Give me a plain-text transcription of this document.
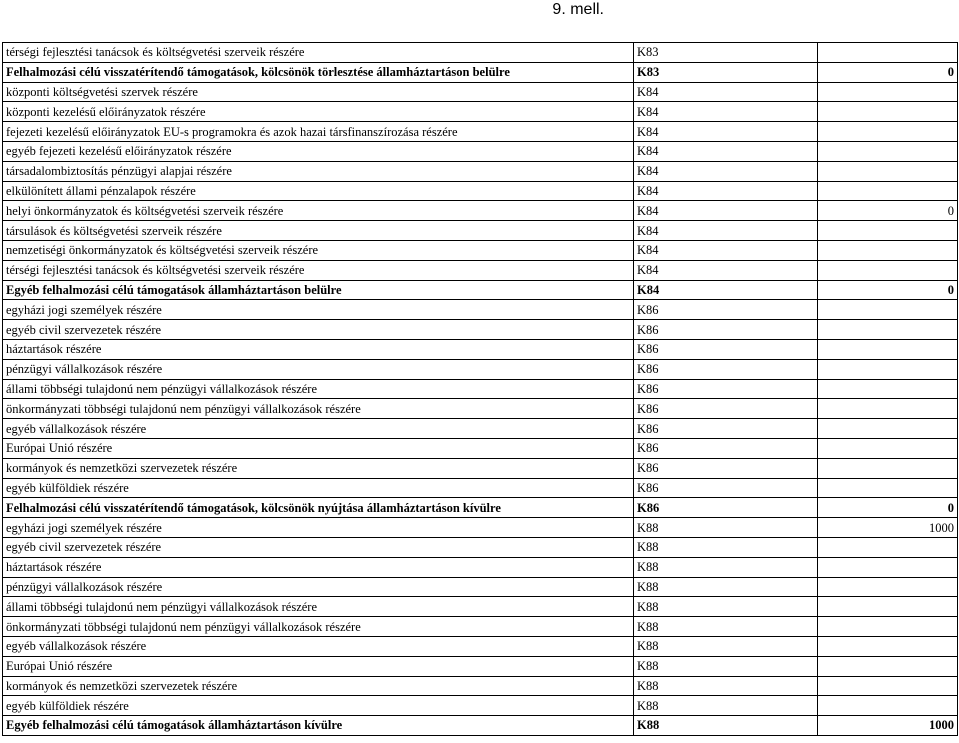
9. mell.
térségi fejlesztési tanácsok és költségvetési szerveik részére	K83	
Felhalmozási célú visszatérítendő támogatások, kölcsönök törlesztése államháztartáson belülre	K83	0
központi költségvetési szervek részére	K84	
központi kezelésű előirányzatok részére	K84	
fejezeti kezelésű előirányzatok EU-s programokra és azok hazai társfinanszírozása részére	K84	
egyéb fejezeti kezelésű előirányzatok részére	K84	
társadalombiztosítás pénzügyi alapjai részére	K84	
elkülönített állami pénzalapok részére	K84	
helyi önkormányzatok és költségvetési szerveik részére	K84	0
társulások és költségvetési szerveik részére	K84	
nemzetiségi önkormányzatok és költségvetési szerveik részére	K84	
térségi fejlesztési tanácsok és költségvetési szerveik részére	K84	
Egyéb felhalmozási célú támogatások államháztartáson belülre	K84	0
egyházi jogi személyek részére	K86	
egyéb civil szervezetek részére	K86	
háztartások részére	K86	
pénzügyi vállalkozások részére	K86	
állami többségi tulajdonú nem pénzügyi vállalkozások részére	K86	
önkormányzati többségi tulajdonú nem pénzügyi vállalkozások részére	K86	
egyéb vállalkozások részére	K86	
Európai Unió részére	K86	
kormányok és nemzetközi szervezetek részére	K86	
egyéb külföldiek részére	K86	
Felhalmozási célú visszatérítendő támogatások, kölcsönök nyújtása államháztartáson kívülre	K86	0
egyházi jogi személyek részére	K88	1000
egyéb civil szervezetek részére	K88	
háztartások részére	K88	
pénzügyi vállalkozások részére	K88	
állami többségi tulajdonú nem pénzügyi vállalkozások részére	K88	
önkormányzati többségi tulajdonú nem pénzügyi vállalkozások részére	K88	
egyéb vállalkozások részére	K88	
Európai Unió részére	K88	
kormányok és nemzetközi szervezetek részére	K88	
egyéb külföldiek részére	K88	
Egyéb felhalmozási célú támogatások államháztartáson kívülre	K88	1000
